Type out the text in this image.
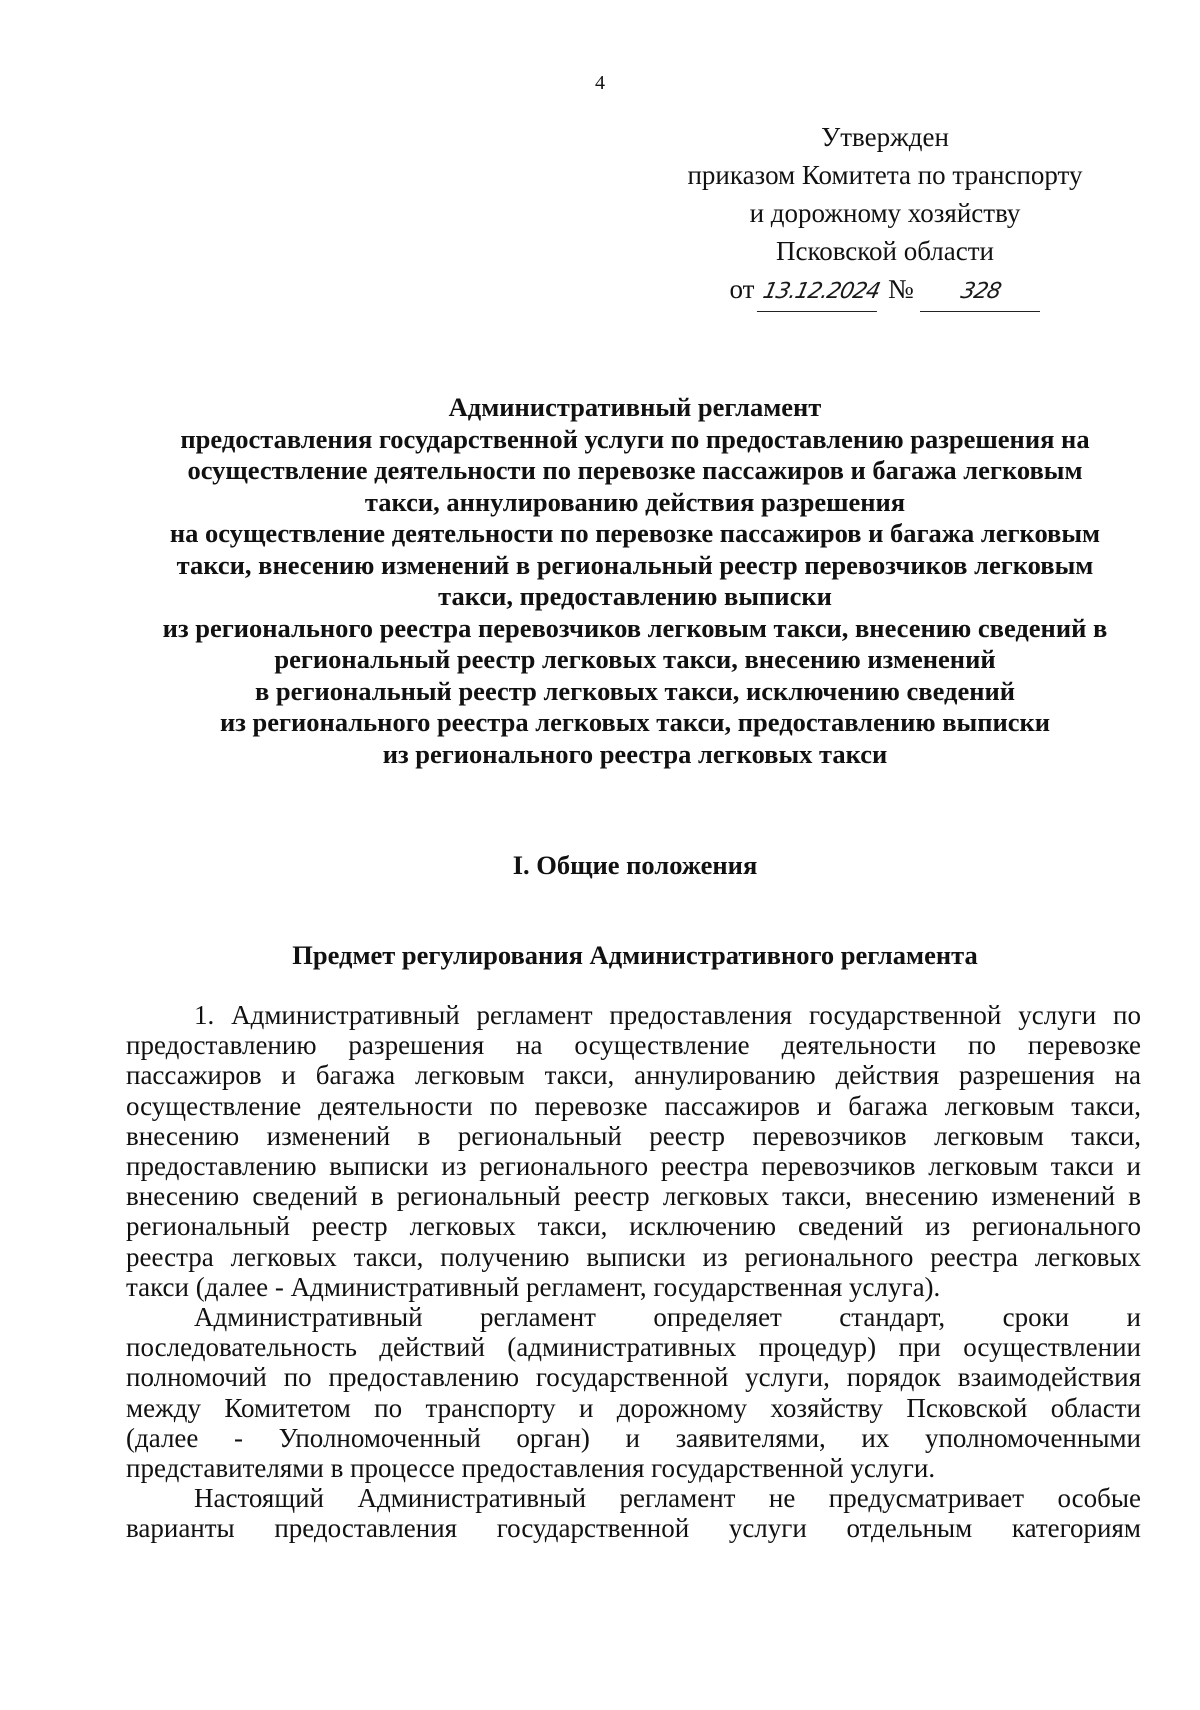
4
Утвержден
приказом Комитета по транспорту
и дорожному хозяйству
Псковской области
от 13.12.2024 № 328
Административный регламент
предоставления государственной услуги по предоставлению разрешения на
осуществление деятельности по перевозке пассажиров и багажа легковым
такси, аннулированию действия разрешения
на осуществление деятельности по перевозке пассажиров и багажа легковым
такси, внесению изменений в региональный реестр перевозчиков легковым
такси, предоставлению выписки
из регионального реестра перевозчиков легковым такси, внесению сведений в
региональный реестр легковых такси, внесению изменений
в региональный реестр легковых такси, исключению сведений
из регионального реестра легковых такси, предоставлению выписки
из регионального реестра легковых такси
I. Общие положения
Предмет регулирования Административного регламента
1. Административный регламент предоставления государственной услуги по
предоставлению разрешения на осуществление деятельности по перевозке
пассажиров и багажа легковым такси, аннулированию действия разрешения на
осуществление деятельности по перевозке пассажиров и багажа легковым такси,
внесению изменений в региональный реестр перевозчиков легковым такси,
предоставлению выписки из регионального реестра перевозчиков легковым такси и
внесению сведений в региональный реестр легковых такси, внесению изменений в
региональный реестр легковых такси, исключению сведений из регионального
реестра легковых такси, получению выписки из регионального реестра легковых
такси (далее - Административный регламент, государственная услуга).
Административный регламент определяет стандарт, сроки и
последовательность действий (административных процедур) при осуществлении
полномочий по предоставлению государственной услуги, порядок взаимодействия
между Комитетом по транспорту и дорожному хозяйству Псковской области
(далее - Уполномоченный орган) и заявителями, их уполномоченными
представителями в процессе предоставления государственной услуги.
Настоящий Административный регламент не предусматривает особые
варианты предоставления государственной услуги отдельным категориям
